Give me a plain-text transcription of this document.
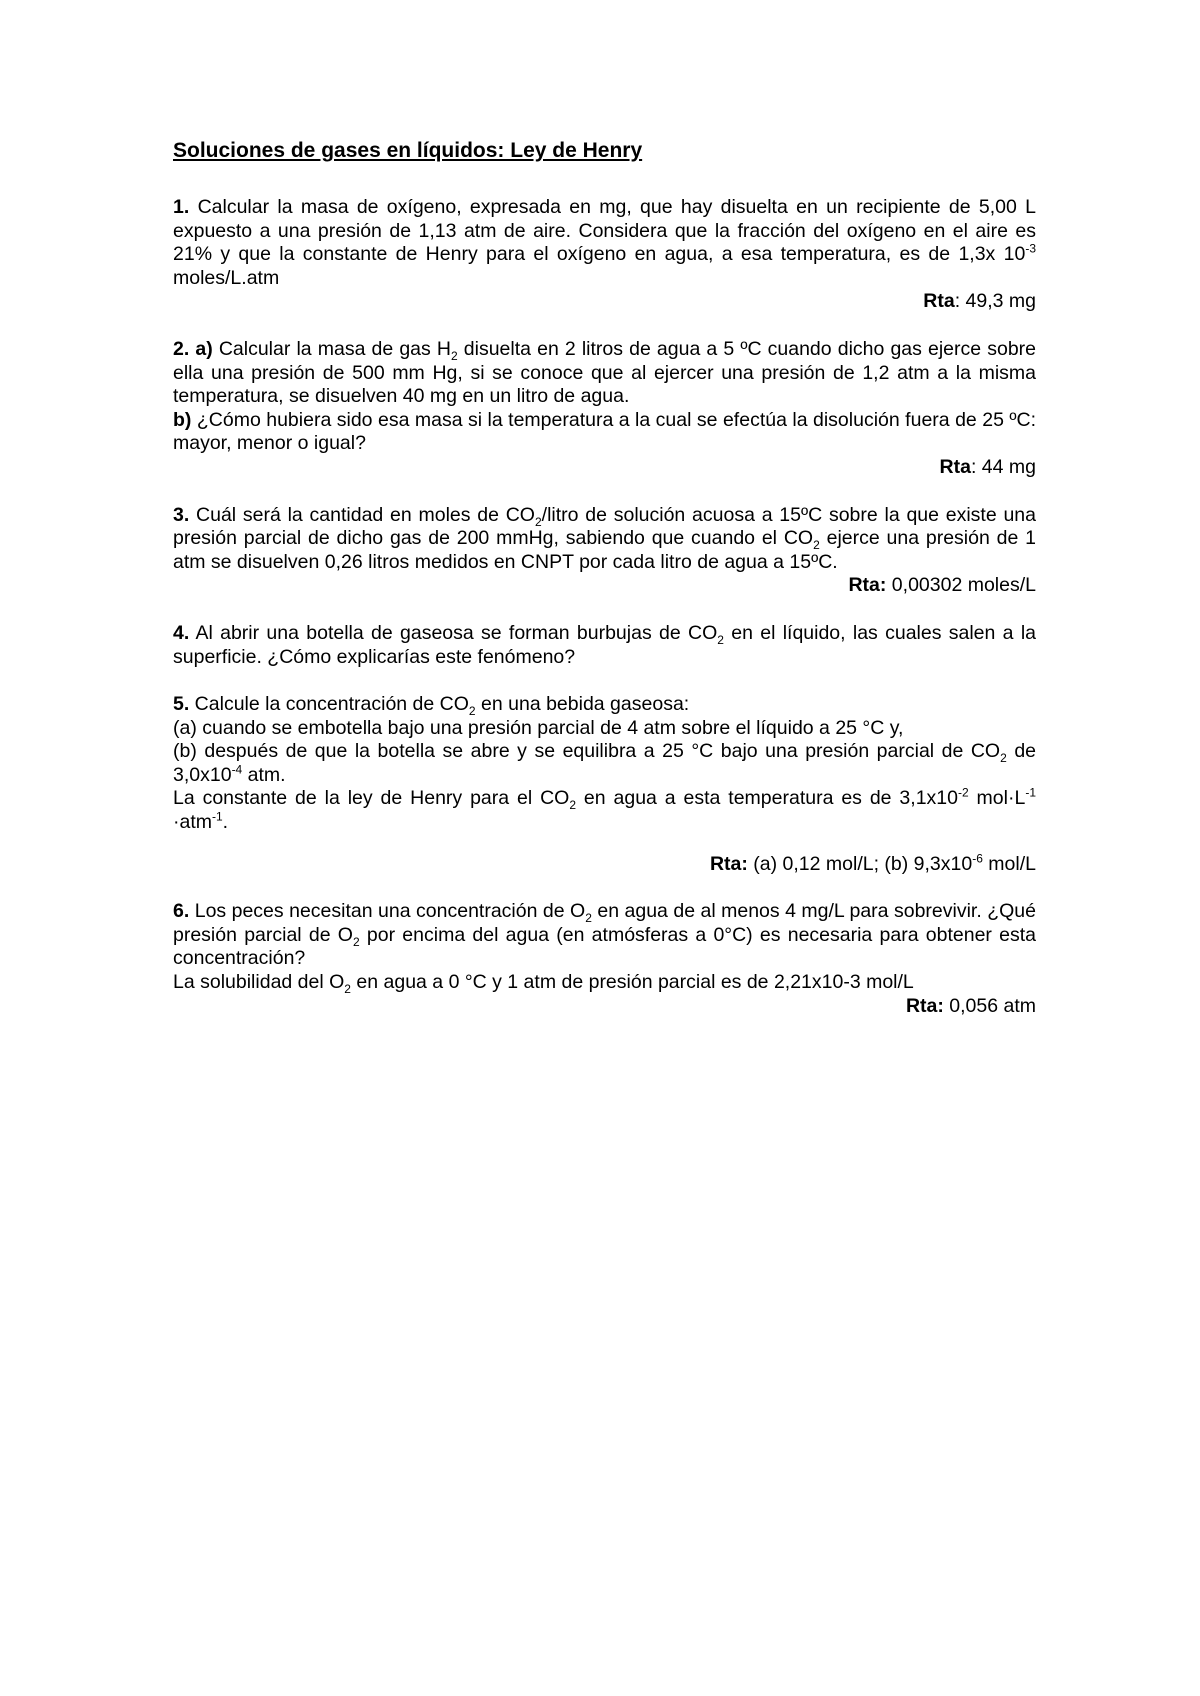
Soluciones de gases en líquidos: Ley de Henry

1. Calcular la masa de oxígeno, expresada en mg, que hay disuelta en un recipiente de 5,00 L expuesto a una presión de 1,13 atm de aire. Considera que la fracción del oxígeno en el aire es 21% y que la constante de Henry para el oxígeno en agua, a esa temperatura, es de 1,3x $10^{-3}$ moles/L.atm

Rta: 49,3 mg

2. a) Calcular la masa de gas $H_2$ disuelta en 2 litros de agua a 5 ºC cuando dicho gas ejerce sobre ella una presión de 500 mm Hg, si se conoce que al ejercer una presión de 1,2 atm a la misma temperatura, se disuelven 40 mg en un litro de agua.

b) ¿Cómo hubiera sido esa masa si la temperatura a la cual se efectúa la disolución fuera de 25 ºC: mayor, menor o igual?

Rta: 44 mg

3. Cuál será la cantidad en moles de $CO_2$/litro de solución acuosa a 15ºC sobre la que existe una presión parcial de dicho gas de 200 mmHg, sabiendo que cuando el $CO_2$ ejerce una presión de 1 atm se disuelven 0,26 litros medidos en CNPT por cada litro de agua a 15ºC.

Rta: 0,00302 moles/L

4. Al abrir una botella de gaseosa se forman burbujas de $CO_2$ en el líquido, las cuales salen a la superficie. ¿Cómo explicarías este fenómeno?

5. Calcule la concentración de $CO_2$ en una bebida gaseosa:

(a) cuando se embotella bajo una presión parcial de 4 atm sobre el líquido a 25 °C y,

(b) después de que la botella se abre y se equilibra a 25 °C bajo una presión parcial de $CO_2$ de $3,0x10^{-4}$ atm.

La constante de la ley de Henry para el $CO_2$ en agua a esta temperatura es de $3,1x10^{-2}$ $mol\cdot L^{-1} \cdot atm^{-1}$.

Rta: (a) 0,12 mol/L; (b) $9,3x10^{-6}$ mol/L

6. Los peces necesitan una concentración de $O_2$ en agua de al menos 4 mg/L para sobrevivir. ¿Qué presión parcial de $O_2$ por encima del agua (en atmósferas a 0°C) es necesaria para obtener esta concentración?

La solubilidad del $O_2$ en agua a 0 °C y 1 atm de presión parcial es de 2,21x10-3 mol/L

Rta: 0,056 atm
